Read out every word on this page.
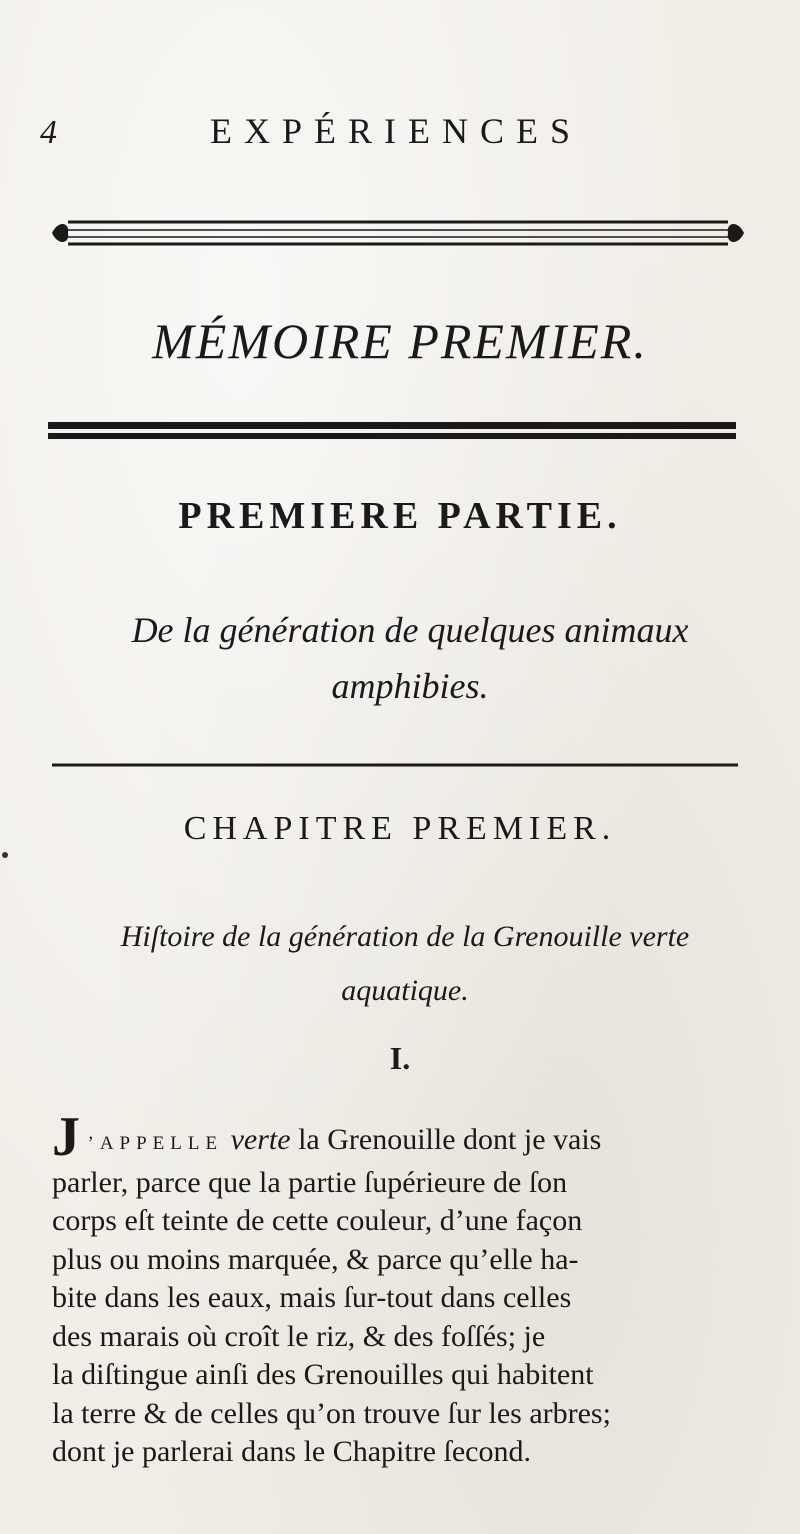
4	EXPÉRIENCES
MÉMOIRE PREMIER.
PREMIERE PARTIE.
De la génération de quelques animaux
amphibies.
CHAPITRE PREMIER.
Hiſtoire de la génération de la Grenouille verte
aquatique.
I.
J ’APPELLE verte la Grenouille dont je vais
parler, parce que la partie ſupérieure de ſon
corps eſt teinte de cette couleur, d’une façon
plus ou moins marquée, & parce qu’elle ha-
bite dans les eaux, mais ſur-tout dans celles
des marais où croît le riz, & des foſſés; je
la diſtingue ainſi des Grenouilles qui habitent
la terre & de celles qu’on trouve ſur les arbres;
dont je parlerai dans le Chapitre ſecond.
